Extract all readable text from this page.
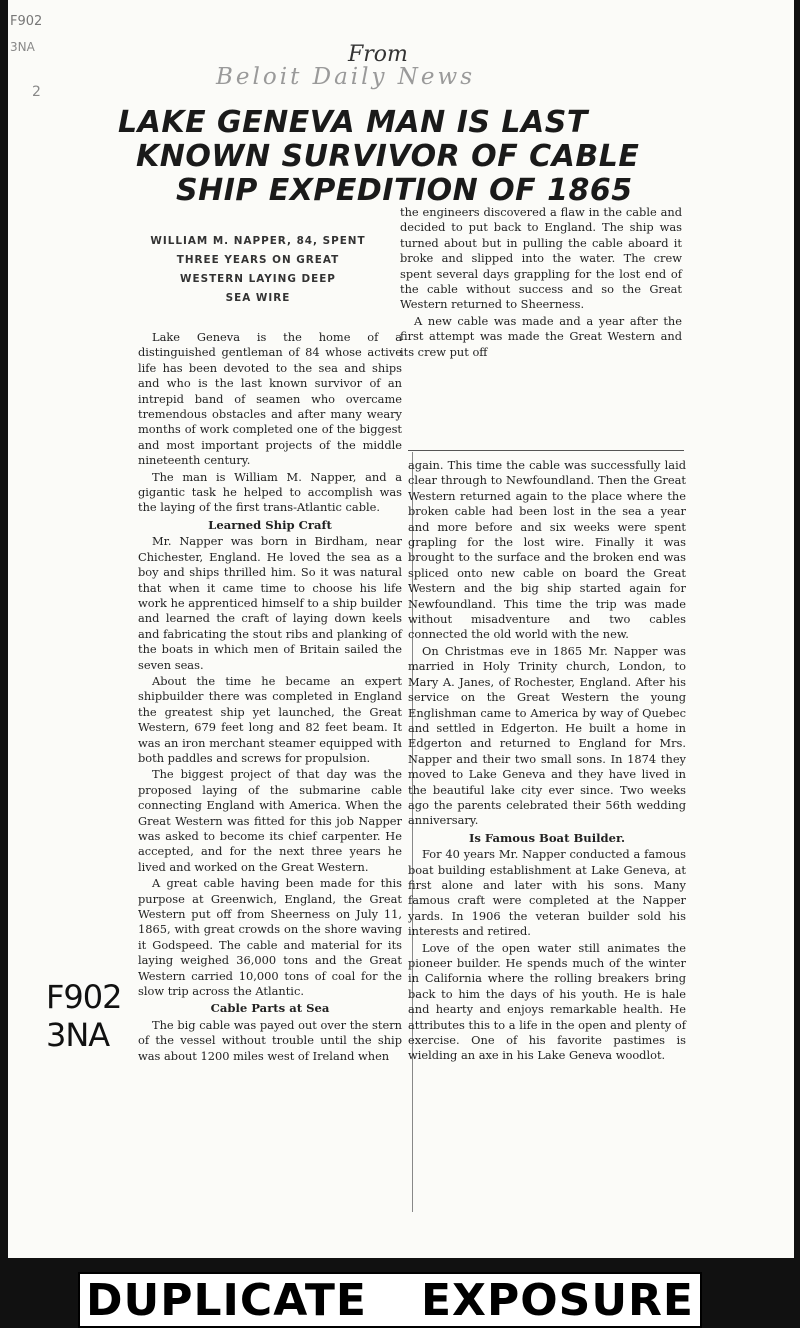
F902
3NA
2
From
Beloit Daily News
LAKE GENEVA MAN IS LAST
KNOWN SURVIVOR OF CABLE
SHIP EXPEDITION OF 1865
WILLIAM M. NAPPER, 84, SPENT
THREE YEARS ON GREAT
WESTERN LAYING DEEP
SEA WIRE

Lake Geneva is the home of a distinguished gentleman of 84 whose active life has been devoted to the sea and ships and who is the last known survivor of an intrepid band of seamen who overcame tremendous obstacles and after many weary months of work completed one of the biggest and most important projects of the middle nineteenth century.

The man is William M. Napper, and a gigantic task he helped to accomplish was the laying of the first trans-Atlantic cable.

Learned Ship Craft

Mr. Napper was born in Birdham, near Chichester, England. He loved the sea as a boy and ships thrilled him. So it was natural that when it came time to choose his life work he apprenticed himself to a ship builder and learned the craft of laying down keels and fabricating the stout ribs and planking of the boats in which men of Britain sailed the seven seas.

About the time he became an expert shipbuilder there was completed in England the greatest ship yet launched, the Great Western, 679 feet long and 82 feet beam. It was an iron merchant steamer equipped with both paddles and screws for propulsion.

The biggest project of that day was the proposed laying of the submarine cable connecting England with America. When the Great Western was fitted for this job Napper was asked to become its chief carpenter. He accepted, and for the next three years he lived and worked on the Great Western.

A great cable having been made for this purpose at Greenwich, England, the Great Western put off from Sheerness on July 11, 1865, with great crowds on the shore waving it Godspeed. The cable and material for its laying weighed 36,000 tons and the Great Western carried 10,000 tons of coal for the slow trip across the Atlantic.

Cable Parts at Sea

The big cable was payed out over the stern of the vessel without trouble until the ship was about 1200 miles west of Ireland when

the engineers discovered a flaw in the cable and decided to put back to England. The ship was turned about but in pulling the cable aboard it broke and slipped into the water. The crew spent several days grappling for the lost end of the cable without success and so the Great Western returned to Sheerness.

A new cable was made and a year after the first attempt was made the Great Western and its crew put off

again. This time the cable was successfully laid clear through to Newfoundland. Then the Great Western returned again to the place where the broken cable had been lost in the sea a year and more before and six weeks were spent grapling for the lost wire. Finally it was brought to the surface and the broken end was spliced onto new cable on board the Great Western and the big ship started again for Newfoundland. This time the trip was made without misadventure and two cables connected the old world with the new.

On Christmas eve in 1865 Mr. Napper was married in Holy Trinity church, London, to Mary A. Janes, of Rochester, England. After his service on the Great Western the young Englishman came to America by way of Quebec and settled in Edgerton. He built a home in Edgerton and returned to England for Mrs. Napper and their two small sons. In 1874 they moved to Lake Geneva and they have lived in the beautiful lake city ever since. Two weeks ago the parents celebrated their 56th wedding anniversary.

Is Famous Boat Builder.

For 40 years Mr. Napper conducted a famous boat building establishment at Lake Geneva, at first alone and later with his sons. Many famous craft were completed at the Napper yards. In 1906 the veteran builder sold his interests and retired.

Love of the open water still animates the pioneer builder. He spends much of the winter in California where the rolling breakers bring back to him the days of his youth. He is hale and hearty and enjoys remarkable health. He attributes this to a life in the open and plenty of exercise. One of his favorite pastimes is wielding an axe in his Lake Geneva woodlot.

F902
3NA
DUPLICATE EXPOSURE
